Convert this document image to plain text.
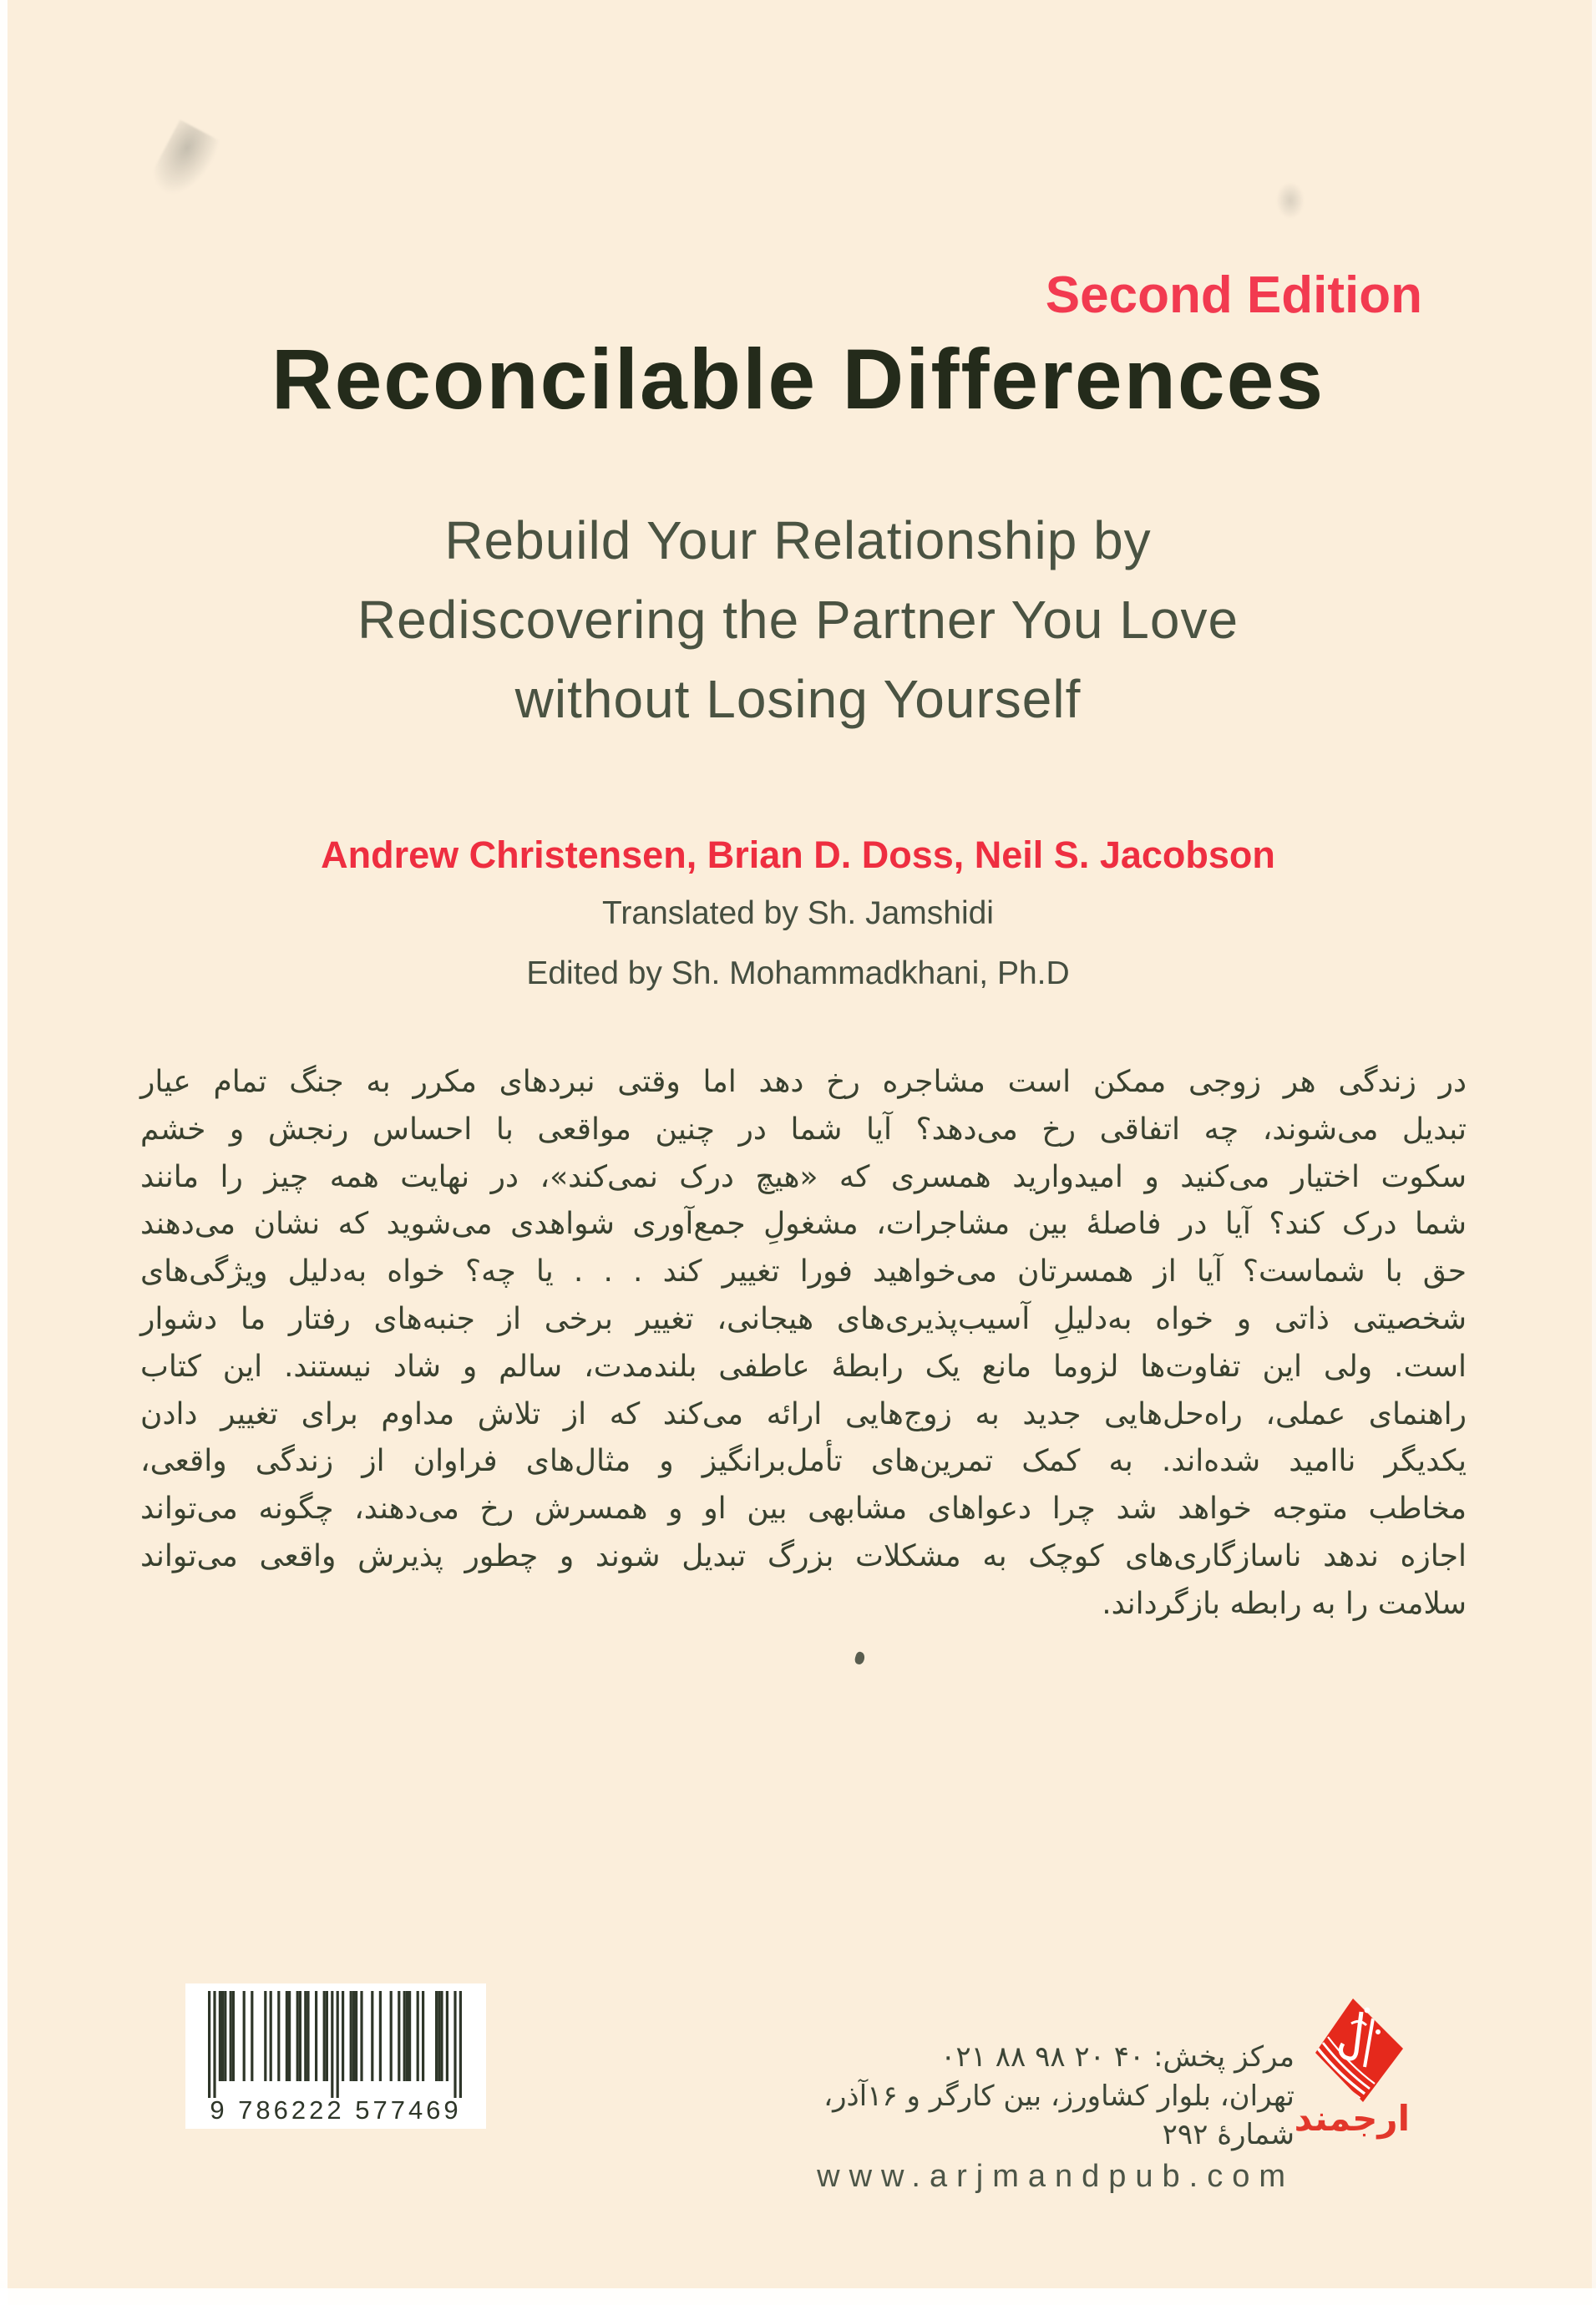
Second Edition
Reconcilable Differences
Rebuild Your Relationship by
Rediscovering the Partner You Love
without Losing Yourself
Andrew Christensen, Brian D. Doss, Neil S. Jacobson
Translated by Sh. Jamshidi
Edited by Sh. Mohammadkhani, Ph.D
در زندگی هر زوجی ممکن است مشاجره رخ دهد اما وقتی نبردهای مکرر به جنگ تمام عیار
تبدیل می‌شوند، چه اتفاقی رخ می‌دهد؟ آیا شما در چنین مواقعی با احساس رنجش و خشم
سکوت اختیار می‌کنید و امیدوارید همسری که «هیچ درک نمی‌کند»، در نهایت همه چیز را مانند
شما درک کند؟ آیا در فاصلهٔ بین مشاجرات، مشغولِ جمع‌آوری شواهدی می‌شوید که نشان می‌دهند
حق با شماست؟ آیا از همسرتان می‌خواهید فورا تغییر کند . . . یا چه؟ خواه به‌دلیل ویژگی‌های
شخصیتی ذاتی و خواه به‌دلیلِ آسیب‌پذیری‌های هیجانی، تغییر برخی از جنبه‌های رفتار ما دشوار
است. ولی این تفاوت‌ها لزوما مانع یک رابطهٔ عاطفی بلندمدت، سالم و شاد نیستند. این کتاب
راهنمای عملی، راه‌حل‌هایی جدید به زوج‌هایی ارائه می‌کند که از تلاش مداوم برای تغییر دادن
یکدیگر ناامید شده‌اند. به کمک تمرین‌های تأمل‌برانگیز و مثال‌های فراوان از زندگی واقعی،
مخاطب متوجه خواهد شد چرا دعواهای مشابهی بین او و همسرش رخ می‌دهند، چگونه می‌تواند
اجازه ندهد ناسازگاری‌های کوچک به مشکلات بزرگ تبدیل شوند و چطور پذیرش واقعی می‌تواند
سلامت را به رابطه بازگرداند.
9 786222 577469	ارجمند
مرکز پخش: ۰۲۱ ۸۸ ۹۸ ۲۰ ۴۰
تهران، بلوار کشاورز، بین کارگر و ۱۶آذر، شمارهٔ ۲۹۲
www.arjmandpub.com
